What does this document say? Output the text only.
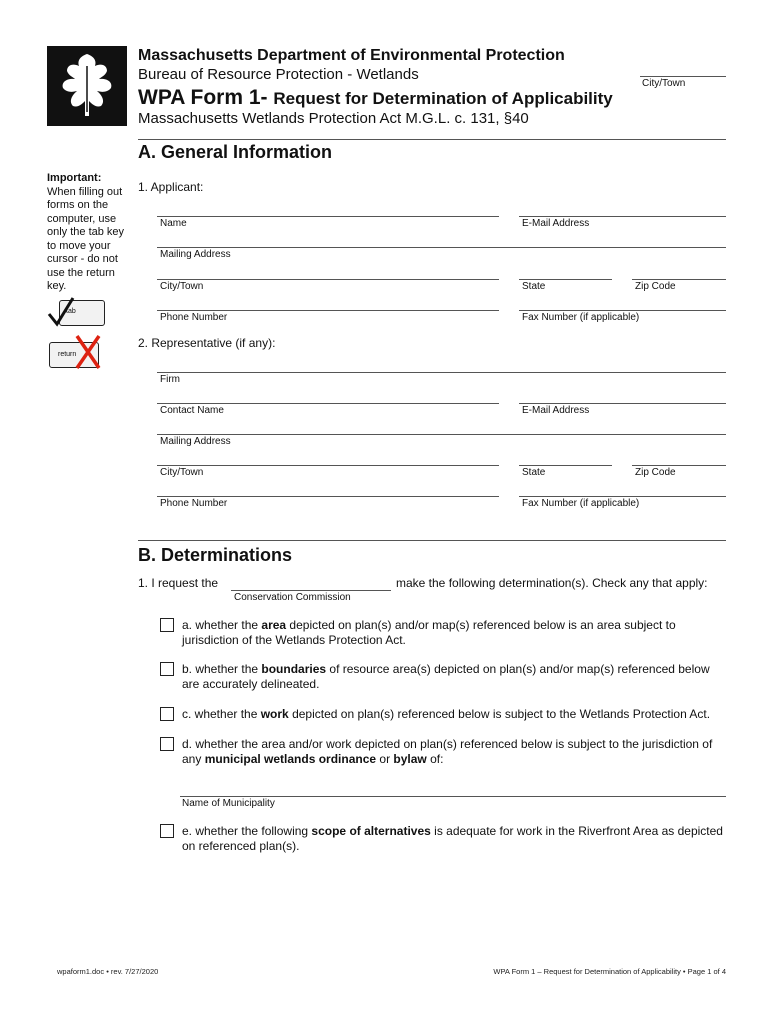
Massachusetts Department of Environmental Protection
Bureau of Resource Protection - Wetlands
WPA Form 1- Request for Determination of Applicability
Massachusetts Wetlands Protection Act M.G.L. c. 131, §40
City/Town
Important:
When filling out forms on the computer, use only the tab key to move your cursor - do not use the return key.
tab
return
A. General Information
1. Applicant:
Name	E-Mail Address
Mailing Address
City/Town	State	Zip Code
Phone Number	Fax Number (if applicable)
2. Representative (if any):
Firm
Contact Name	E-Mail Address
Mailing Address
City/Town	State	Zip Code
Phone Number	Fax Number (if applicable)
B. Determinations
1. I request the
Conservation Commission
make the following determination(s). Check any that apply:
a. whether the area depicted on plan(s) and/or map(s) referenced below is an area subject to jurisdiction of the Wetlands Protection Act.
b. whether the boundaries of resource area(s) depicted on plan(s) and/or map(s) referenced below are accurately delineated.
c. whether the work depicted on plan(s) referenced below is subject to the Wetlands Protection Act.
d. whether the area and/or work depicted on plan(s) referenced below is subject to the jurisdiction of any municipal wetlands ordinance or bylaw of:
Name of Municipality
e. whether the following scope of alternatives is adequate for work in the Riverfront Area as depicted on referenced plan(s).
wpaform1.doc • rev. 7/27/2020	WPA Form 1 – Request for Determination of Applicability • Page 1 of 4
